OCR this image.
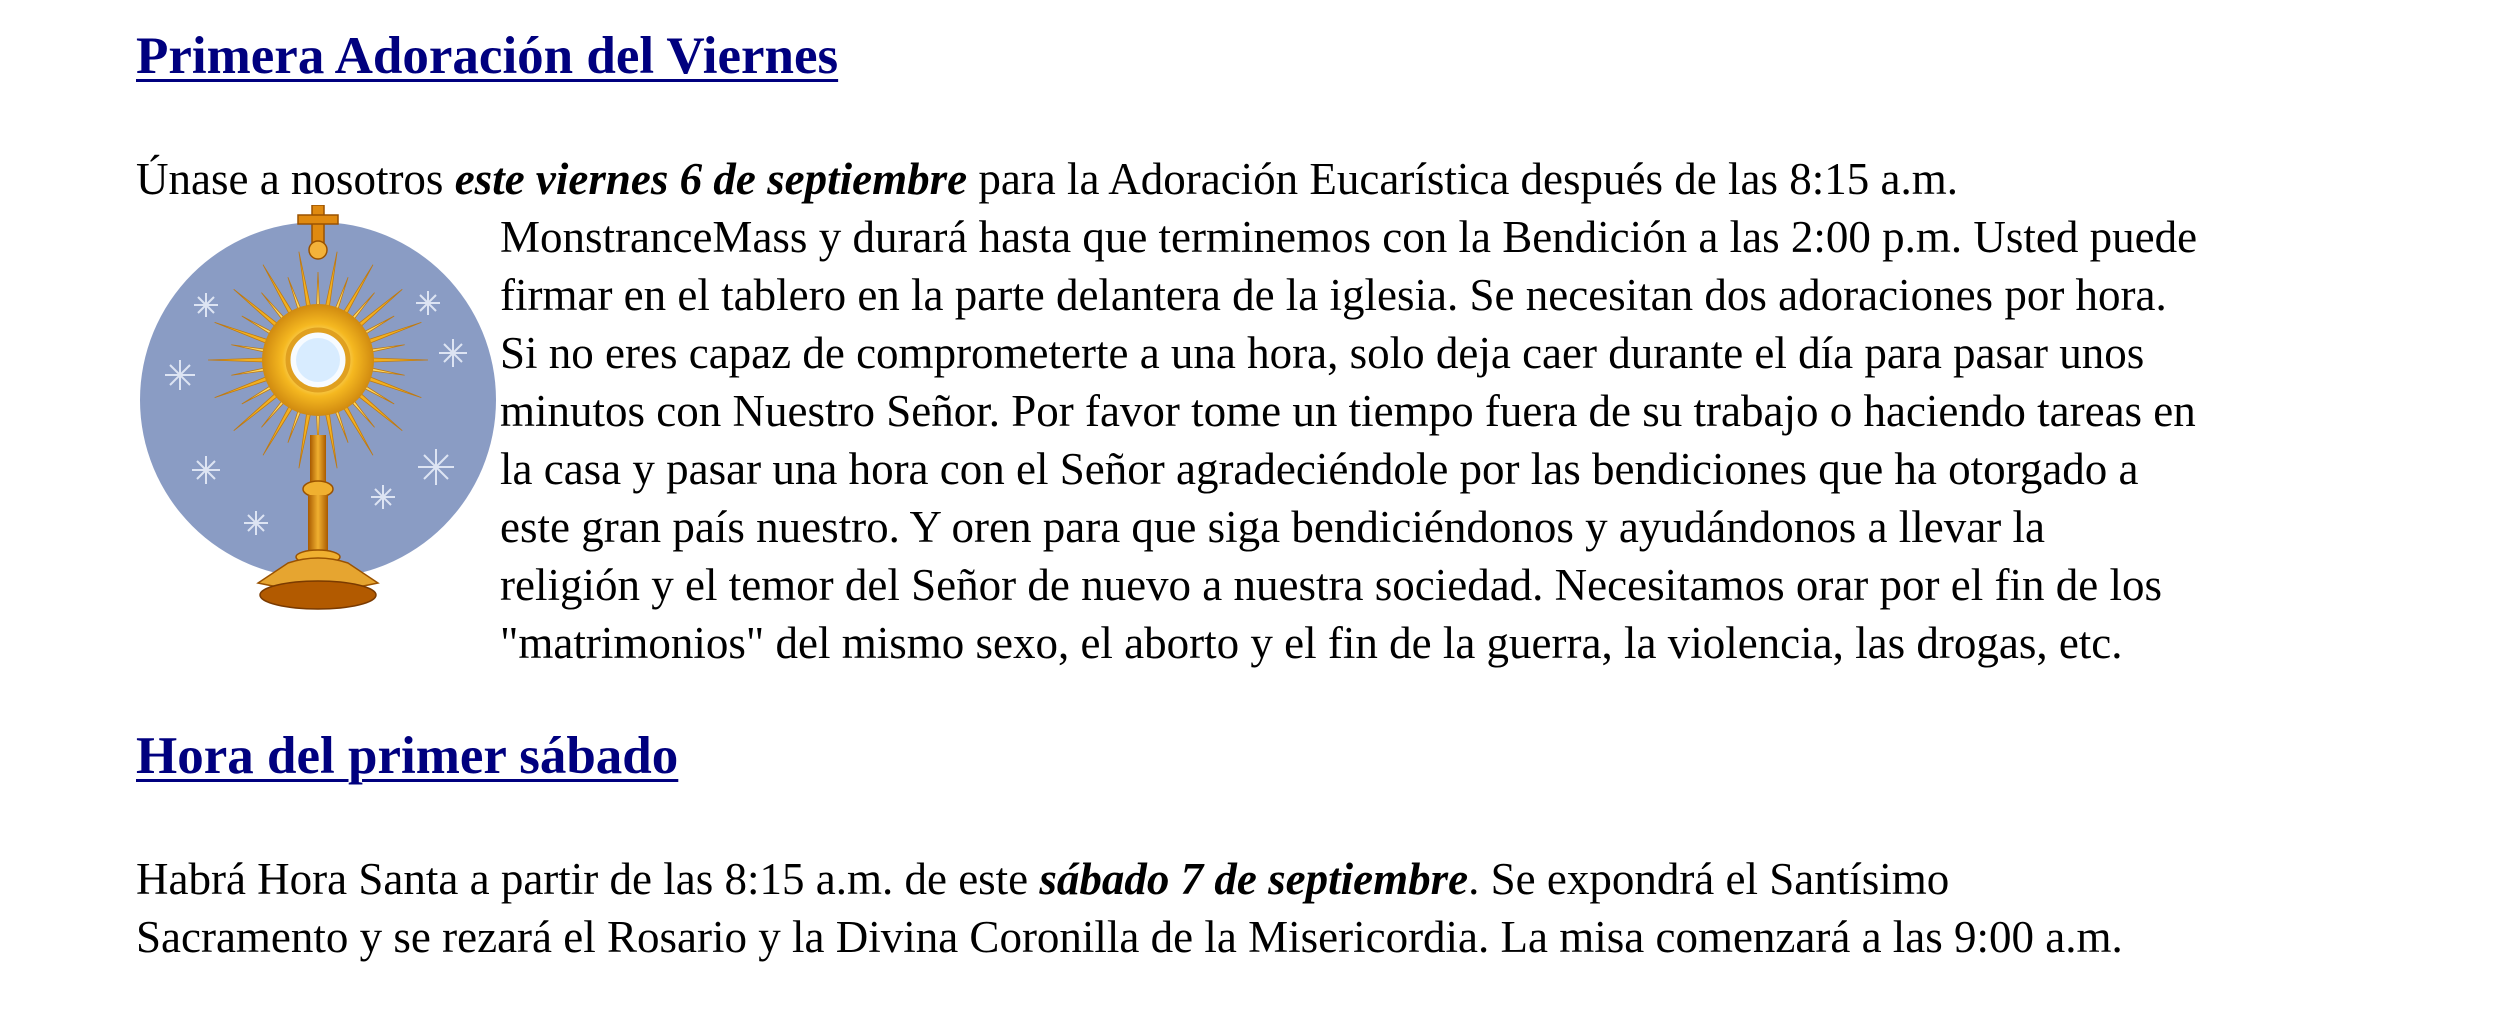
Primera Adoración del Viernes
Únase a nosotros este viernes 6 de septiembre para la Adoración Eucarística después de las 8:15 a.m.
MonstranceMass y durará hasta que terminemos con la Bendición a las 2:00 p.m. Usted puede
firmar en el tablero en la parte delantera de la iglesia. Se necesitan dos adoraciones por hora.
Si no eres capaz de comprometerte a una hora, solo deja caer durante el día para pasar unos
minutos con Nuestro Señor. Por favor tome un tiempo fuera de su trabajo o haciendo tareas en
la casa y pasar una hora con el Señor agradeciéndole por las bendiciones que ha otorgado a
este gran país nuestro. Y oren para que siga bendiciéndonos y ayudándonos a llevar la
religión y el temor del Señor de nuevo a nuestra sociedad. Necesitamos orar por el fin de los
"matrimonios" del mismo sexo, el aborto y el fin de la guerra, la violencia, las drogas, etc.
Hora del primer sábado
Habrá Hora Santa a partir de las 8:15 a.m. de este sábado 7 de septiembre. Se expondrá el Santísimo
Sacramento y se rezará el Rosario y la Divina Coronilla de la Misericordia. La misa comenzará a las 9:00 a.m.
